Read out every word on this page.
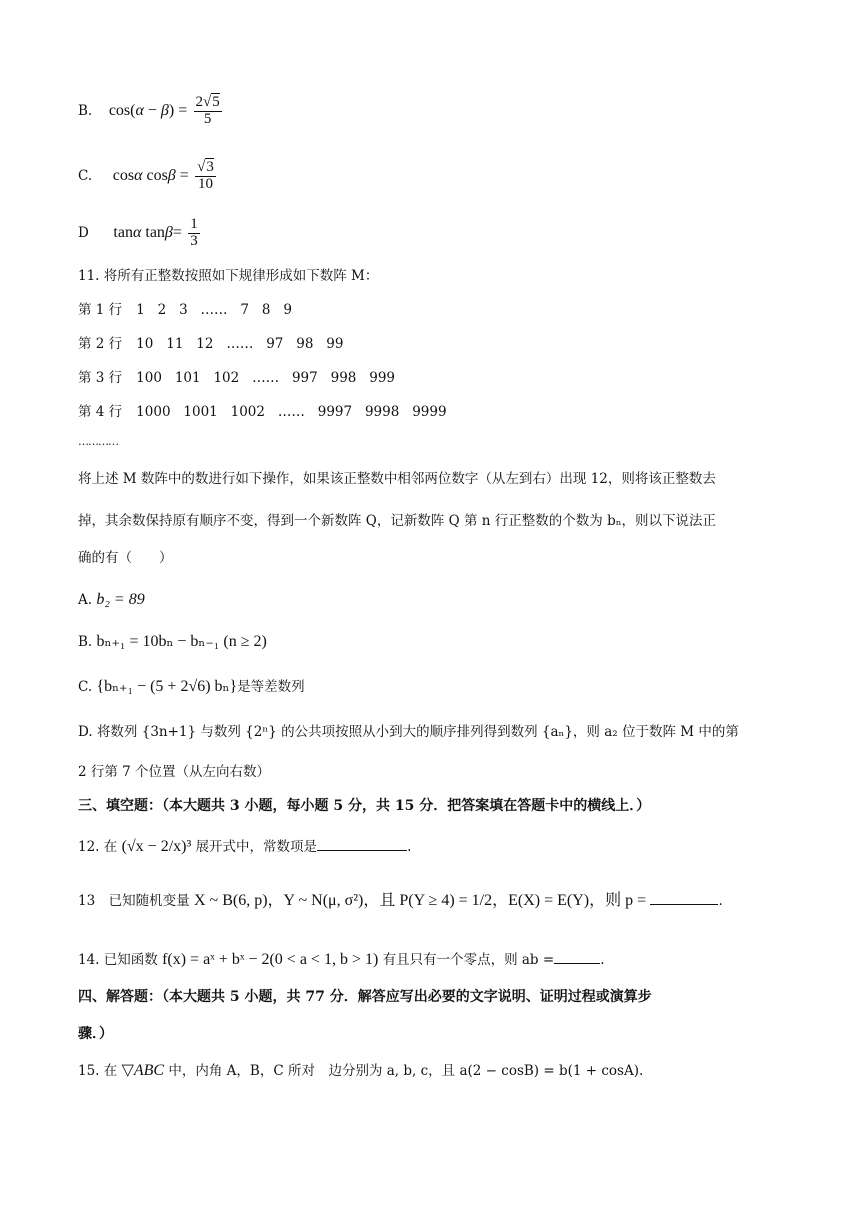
B. $\cos(\alpha - \beta) = \frac{2√5}{5}$
C. cosα $\cos\beta = \frac{√3}{10}$
D tanα $\tan\beta= \frac{1}{3}$
11. 将所有正整数按照如下规律形成如下数阵 M：
第 1 行 1   2   3   ……   7   8   9
第 2 行 10   11   12   ……   97   98   99
第 3 行 100   101   102   ……   997   998   999
第 4 行 1000   1001   1002   ……   9997   9998   9999
…………
将上述 M 数阵中的数进行如下操作，如果该正整数中相邻两位数字（从左到右）出现 12，则将该正整数去
掉，其余数保持原有顺序不变，得到一个新数阵 Q，记新数阵 Q 第 n 行正整数的个数为 bₙ，则以下说法正
确的有（　　）
A. b₂ = 89
B. bₙ₊₁ = 10bₙ − bₙ₋₁ (n ≥ 2)
C. {bₙ₊₁ − (5 + 2√6) bₙ}是等差数列
D. 将数列 {3n+1} 与数列 {2ⁿ} 的公共项按照从小到大的顺序排列得到数列 {aₙ}，则 a₂ 位于数阵 M 中的第
2 行第 7 个位置（从左向右数）
三、填空题：（本大题共 3 小题，每小题 5 分，共 15 分．把答案填在答题卡中的横线上．）
12. 在 (√x − 2/x)³ 展开式中，常数项是	.
13　已知随机变量 X ~ B(6, p)，Y ~ N(μ, σ²)，且 P(Y ≥ 4) = 1/2，E(X) = E(Y)，则 p =	.
14. 已知函数 f(x) = aˣ + bˣ − 2(0 < a < 1, b > 1) 有且只有一个零点，则 ab =	.
四、解答题：（本大题共 5 小题，共 77 分．解答应写出必要的文字说明、证明过程或演算步
骤．）
15. 在 ▽ABC 中，内角 A，B，C 所对　边分别为 a, b, c，且 a(2 − cosB) = b(1 + cosA).
